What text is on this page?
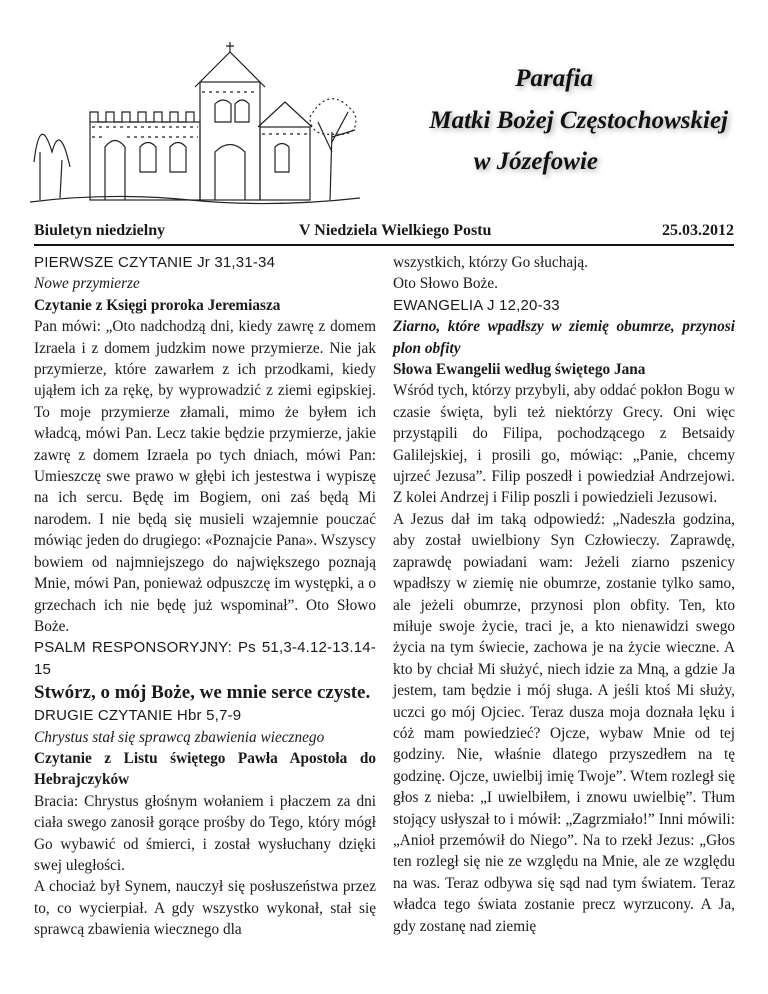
Parafia
Matki Bożej Częstochowskiej
w Józefowie
Biuletyn niedzielny	V Niedziela Wielkiego Postu	25.03.2012

PIERWSZE CZYTANIE Jr 31,31-34

Nowe przymierze

Czytanie z Księgi proroka Jeremiasza

Pan mówi: „Oto nadchodzą dni, kiedy zawrę z domem Izraela i z domem judzkim nowe przymierze. Nie jak przymierze, które zawarłem z ich przodkami, kiedy ująłem ich za rękę, by wyprowadzić z ziemi egipskiej. To moje przymierze złamali, mimo że byłem ich władcą, mówi Pan. Lecz takie będzie przymierze, jakie zawrę z domem Izraela po tych dniach, mówi Pan: Umieszczę swe prawo w głębi ich jestestwa i wypiszę na ich sercu. Będę im Bogiem, oni zaś będą Mi narodem. I nie będą się musieli wzajemnie pouczać mówiąc jeden do drugiego: «Poznajcie Pana». Wszyscy bowiem od najmniejszego do największego poznają Mnie, mówi Pan, ponieważ odpuszczę im występki, a o grzechach ich nie będę już wspominał”. Oto Słowo Boże.

PSALM RESPONSORYJNY: Ps 51,3-4.12-13.14-15

Stwórz, o mój Boże, we mnie serce czyste.

DRUGIE CZYTANIE Hbr 5,7-9

Chrystus stał się sprawcą zbawienia wiecznego

Czytanie z Listu świętego Pawła Apostoła do Hebrajczyków

Bracia: Chrystus głośnym wołaniem i płaczem za dni ciała swego zanosił gorące prośby do Tego, który mógł Go wybawić od śmierci, i został wysłuchany dzięki swej uległości.

A chociaż był Synem, nauczył się posłuszeństwa przez to, co wycierpiał. A gdy wszystko wykonał, stał się sprawcą zbawienia wiecznego dla

wszystkich, którzy Go słuchają.

Oto Słowo Boże.

EWANGELIA J 12,20-33

Ziarno, które wpadłszy w ziemię obumrze, przynosi plon obfity

Słowa Ewangelii według świętego Jana

Wśród tych, którzy przybyli, aby oddać pokłon Bogu w czasie święta, byli też niektórzy Grecy. Oni więc przystąpili do Filipa, pochodzącego z Betsaidy Galilejskiej, i prosili go, mówiąc: „Panie, chcemy ujrzeć Jezusa”. Filip poszedł i powiedział Andrzejowi. Z kolei Andrzej i Filip poszli i powiedzieli Jezusowi.

A Jezus dał im taką odpowiedź: „Nadeszła godzina, aby został uwielbiony Syn Człowieczy. Zaprawdę, zaprawdę powiadani wam: Jeżeli ziarno pszenicy wpadłszy w ziemię nie obumrze, zostanie tylko samo, ale jeżeli obumrze, przynosi plon obfity. Ten, kto miłuje swoje życie, traci je, a kto nienawidzi swego życia na tym świecie, zachowa je na życie wieczne. A kto by chciał Mi służyć, niech idzie za Mną, a gdzie Ja jestem, tam będzie i mój sługa. A jeśli ktoś Mi służy, uczci go mój Ojciec. Teraz dusza moja doznała lęku i cóż mam powiedzieć? Ojcze, wybaw Mnie od tej godziny. Nie, właśnie dlatego przyszedłem na tę godzinę. Ojcze, uwielbij imię Twoje”. Wtem rozległ się głos z nieba: „I uwielbiłem, i znowu uwielbię”. Tłum stojący usłyszał to i mówił: „Zagrzmiało!” Inni mówili: „Anioł przemówił do Niego”. Na to rzekł Jezus: „Głos ten rozległ się nie ze względu na Mnie, ale ze względu na was. Teraz odbywa się sąd nad tym światem. Teraz władca tego świata zostanie precz wyrzucony. A Ja, gdy zostanę nad ziemię
